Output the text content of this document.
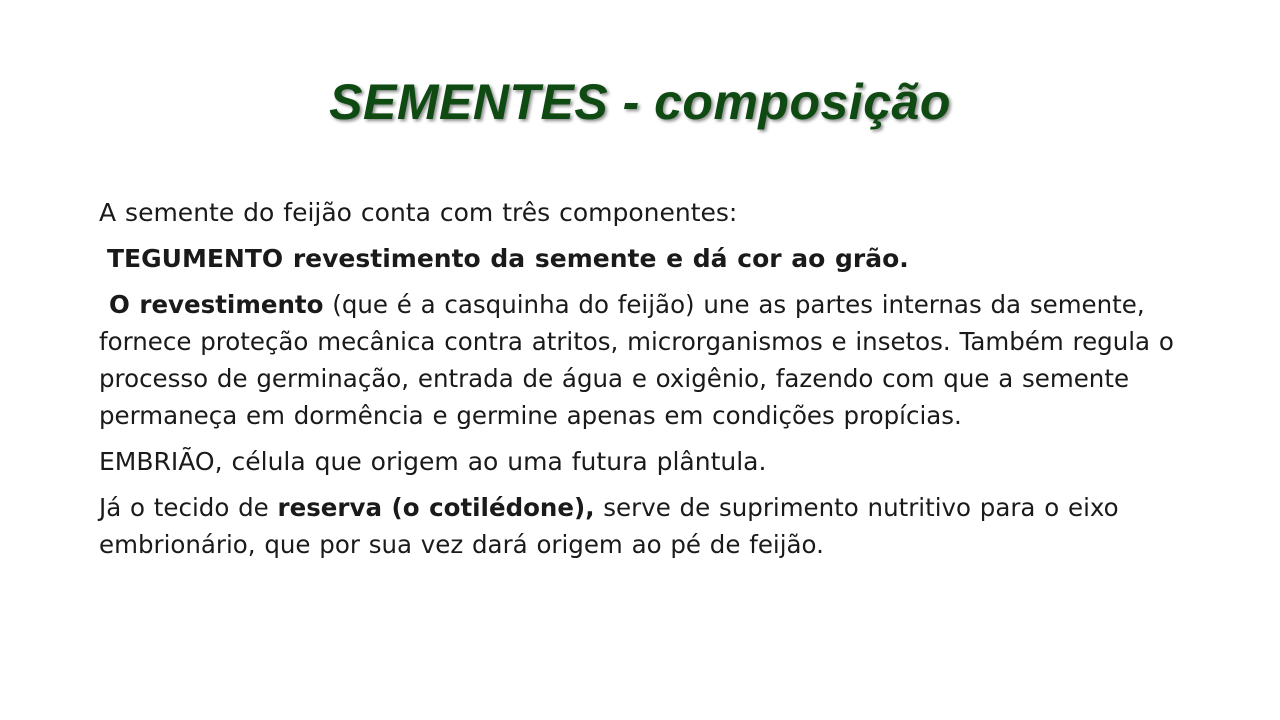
SEMENTES - composição

A semente do feijão conta com três componentes:

TEGUMENTO revestimento da semente e dá cor ao grão.

O revestimento (que é a casquinha do feijão) une as partes internas da semente, fornece proteção mecânica contra atritos, microrganismos e insetos. Também regula o processo de germinação, entrada de água e oxigênio, fazendo com que a semente permaneça em dormência e germine apenas em condições propícias.

EMBRIÃO, célula que origem ao uma futura plântula.

Já o tecido de reserva (o cotilédone), serve de suprimento nutritivo para o eixo embrionário, que por sua vez dará origem ao pé de feijão.
